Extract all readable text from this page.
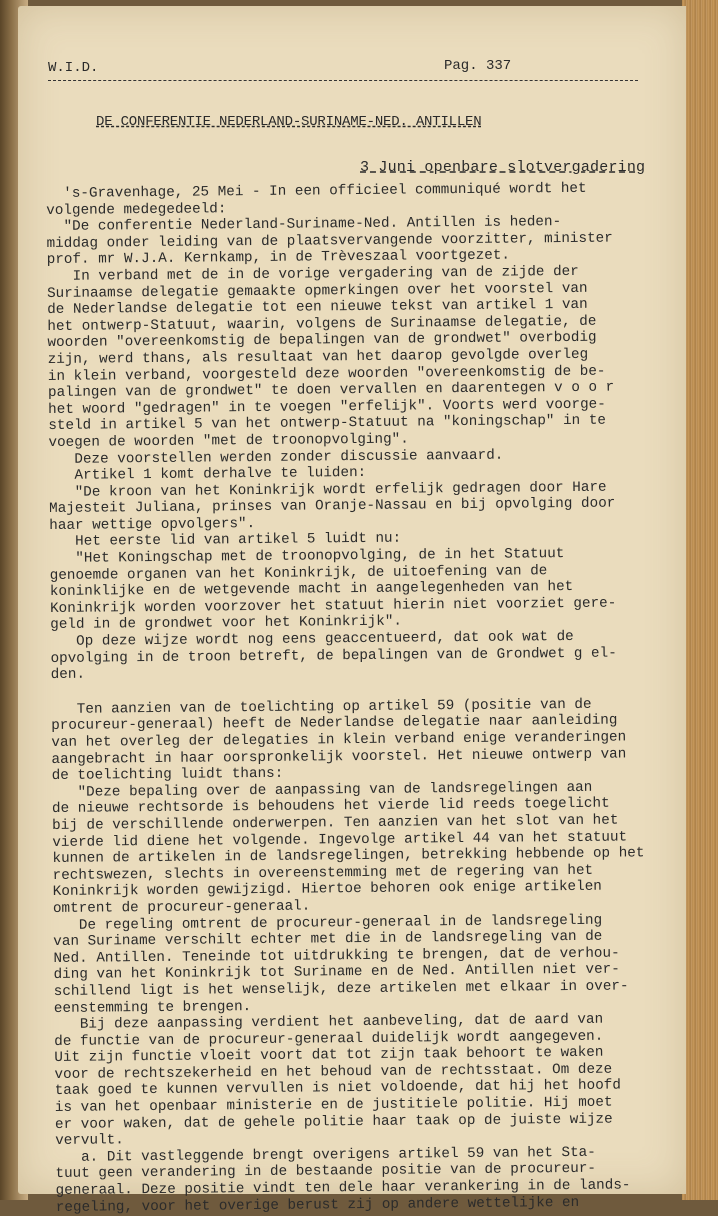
W.I.D.	Pag. 337
DE CONFERENTIE NEDERLAND-SURINAME-NED. ANTILLEN
3 Juni openbare slotvergadering
's-Gravenhage, 25 Mei - In een officieel communiqué wordt het
volgende medegedeeld:
"De conferentie Nederland-Suriname-Ned. Antillen is heden-
middag onder leiding van de plaatsvervangende voorzitter, minister
prof. mr W.J.A. Kernkamp, in de Trèveszaal voortgezet.
In verband met de in de vorige vergadering van de zijde der
Surinaamse delegatie gemaakte opmerkingen over het voorstel van
de Nederlandse delegatie tot een nieuwe tekst van artikel 1 van
het ontwerp-Statuut, waarin, volgens de Surinaamse delegatie, de
woorden "overeenkomstig de bepalingen van de grondwet" overbodig
zijn, werd thans, als resultaat van het daarop gevolgde overleg
in klein verband, voorgesteld deze woorden "overeenkomstig de be-
palingen van de grondwet" te doen vervallen en daarentegen v o o r
het woord "gedragen" in te voegen "erfelijk". Voorts werd voorge-
steld in artikel 5 van het ontwerp-Statuut na "koningschap" in te
voegen de woorden "met de troonopvolging".
Deze voorstellen werden zonder discussie aanvaard.
Artikel 1 komt derhalve te luiden:
"De kroon van het Koninkrijk wordt erfelijk gedragen door Hare
Majesteit Juliana, prinses van Oranje-Nassau en bij opvolging door
haar wettige opvolgers".
Het eerste lid van artikel 5 luidt nu:
"Het Koningschap met de troonopvolging, de in het Statuut
genoemde organen van het Koninkrijk, de uitoefening van de
koninklijke en de wetgevende macht in aangelegenheden van het
Koninkrijk worden voorzover het statuut hierin niet voorziet gere-
geld in de grondwet voor het Koninkrijk".
Op deze wijze wordt nog eens geaccentueerd, dat ook wat de
opvolging in de troon betreft, de bepalingen van de Grondwet g el-
den.
Ten aanzien van de toelichting op artikel 59 (positie van de
procureur-generaal) heeft de Nederlandse delegatie naar aanleiding
van het overleg der delegaties in klein verband enige veranderingen
aangebracht in haar oorspronkelijk voorstel. Het nieuwe ontwerp van
de toelichting luidt thans:
"Deze bepaling over de aanpassing van de landsregelingen aan
de nieuwe rechtsorde is behoudens het vierde lid reeds toegelicht
bij de verschillende onderwerpen. Ten aanzien van het slot van het
vierde lid diene het volgende. Ingevolge artikel 44 van het statuut
kunnen de artikelen in de landsregelingen, betrekking hebbende op het
rechtswezen, slechts in overeenstemming met de regering van het
Koninkrijk worden gewijzigd. Hiertoe behoren ook enige artikelen
omtrent de procureur-generaal.
De regeling omtrent de procureur-generaal in de landsregeling
van Suriname verschilt echter met die in de landsregeling van de
Ned. Antillen. Teneinde tot uitdrukking te brengen, dat de verhou-
ding van het Koninkrijk tot Suriname en de Ned. Antillen niet ver-
schillend ligt is het wenselijk, deze artikelen met elkaar in over-
eenstemming te brengen.
Bij deze aanpassing verdient het aanbeveling, dat de aard van
de functie van de procureur-generaal duidelijk wordt aangegeven.
Uit zijn functie vloeit voort dat tot zijn taak behoort te waken
voor de rechtszekerheid en het behoud van de rechtsstaat. Om deze
taak goed te kunnen vervullen is niet voldoende, dat hij het hoofd
is van het openbaar ministerie en de justitiele politie. Hij moet
er voor waken, dat de gehele politie haar taak op de juiste wijze
vervult.
a. Dit vastleggende brengt overigens artikel 59 van het Sta-
tuut geen verandering in de bestaande positie van de procureur-
generaal. Deze positie vindt ten dele haar verankering in de lands-
regeling, voor het overige berust zij op andere wettelijke en
